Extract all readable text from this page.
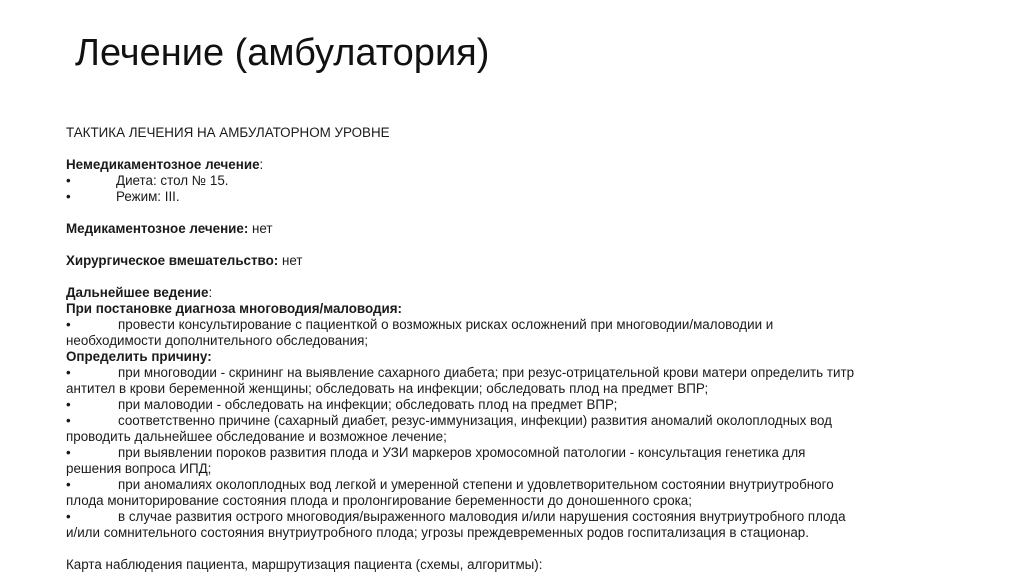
Лечение (амбулатория)
ТАКТИКА ЛЕЧЕНИЯ НА АМБУЛАТОРНОМ УРОВНЕ
Немедикаментозное лечение:
•	Диета: стол № 15.
•	Режим: III.
Медикаментозное лечение: нет
Хирургическое вмешательство: нет
Дальнейшее ведение:
При постановке диагноза многоводия/маловодия:
•	провести консультирование с пациенткой о возможных рисках осложнений при многоводии/маловодии и
необходимости дополнительного обследования;
Определить причину:
•	при многоводии - скрининг на выявление сахарного диабета; при резус-отрицательной крови матери определить титр
антител в крови беременной женщины; обследовать на инфекции; обследовать плод на предмет ВПР;
•	при маловодии - обследовать на инфекции; обследовать плод на предмет ВПР;
•	соответственно причине (сахарный диабет, резус-иммунизация, инфекции) развития аномалий околоплодных вод
проводить дальнейшее обследование и возможное лечение;
•	при выявлении пороков развития плода и УЗИ маркеров хромосомной патологии - консультация генетика для
решения вопроса ИПД;
•	при аномалиях околоплодных вод легкой и умеренной степени и удовлетворительном состоянии внутриутробного
плода мониторирование состояния плода и пролонгирование беременности до доношенного срока;
•	в случае развития острого многоводия/выраженного маловодия и/или нарушения состояния внутриутробного плода
и/или сомнительного состояния внутриутробного плода; угрозы преждевременных родов госпитализация в стационар.
Карта наблюдения пациента, маршрутизация пациента (схемы, алгоритмы):
